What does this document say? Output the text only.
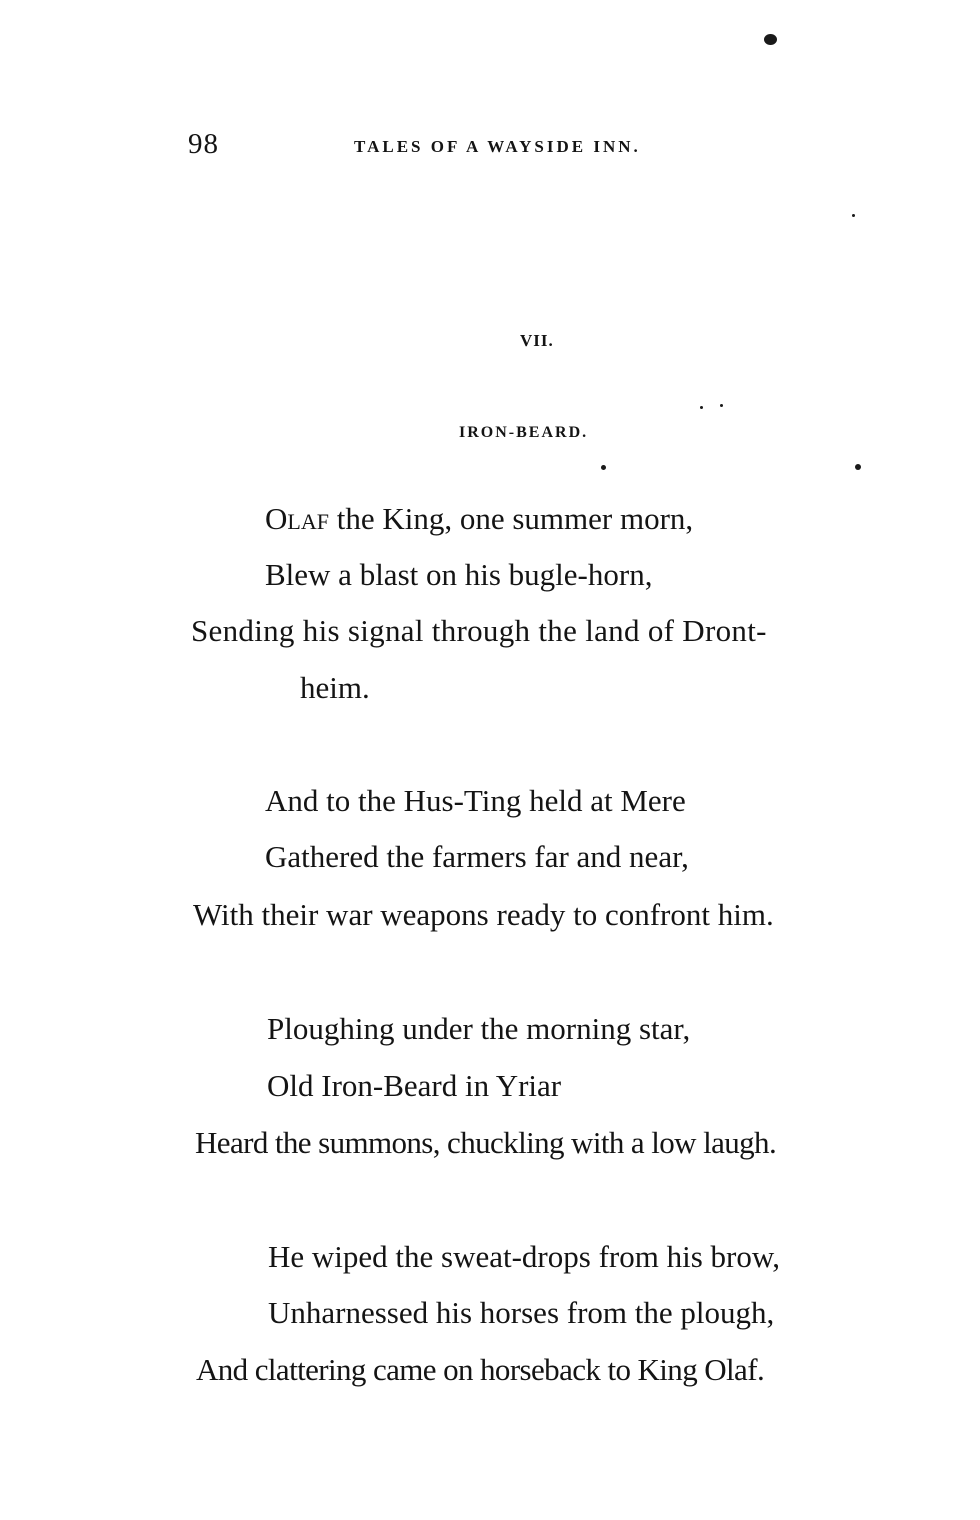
98	TALES OF A WAYSIDE INN.
VII.
IRON-BEARD.
OLAF the King, one summer morn,
Blew a blast on his bugle-horn,
Sending his signal through the land of Dront-
heim.
And to the Hus-Ting held at Mere
Gathered the farmers far and near,
With their war weapons ready to confront him.
Ploughing under the morning star,
Old Iron-Beard in Yriar
Heard the summons, chuckling with a low laugh.
He wiped the sweat-drops from his brow,
Unharnessed his horses from the plough,
And clattering came on horseback to King Olaf.
